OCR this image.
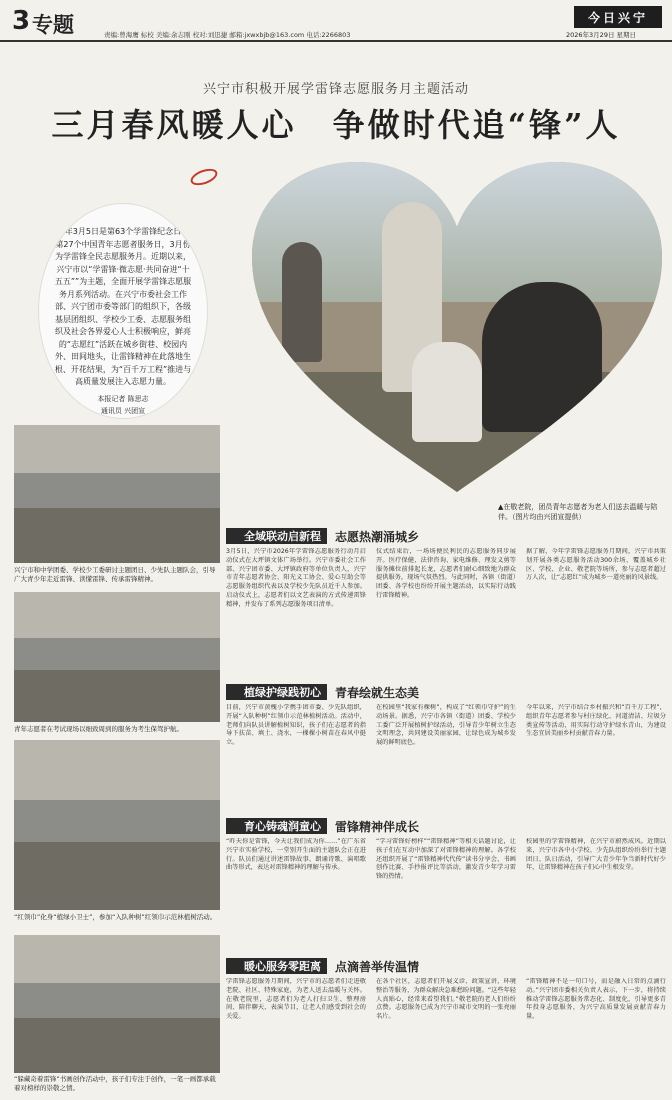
3 专题	责编:曾海鹰 标校 美编:余志刚 校对:刘迅捷 邮箱:jxwxbjb@163.com 电话:2266803
今日兴宁
2026年3月29日 星期日
兴宁市积极开展学雷锋志愿服务月主题活动
三月春风暖人心 争做时代追“锋”人
今年3月5日是第63个学雷锋纪念日、第27个中国青年志愿者服务日，3月份为学雷锋全民志愿服务月。近期以来，兴宁市以“学雷锋·微志愿·共同奋进“十五五””为主题，全面开展学雷锋志愿服务月系列活动。在兴宁市委社会工作部、兴宁团市委等部门的组织下，各级基层团组织、学校少工委、志愿服务组织及社会各界爱心人士积极响应，鲜亮的“志愿红”活跃在城乡街巷、校园内外、田间地头，让雷锋精神在此落地生根、开花结果，为“百千万工程”推进与高质量发展注入志愿力量。
本报记者 陈思志
通讯员 兴团宣
▲在敬老院，团员青年志愿者为老人们送去温暖与陪伴。（图片均由兴团宣提供）
兴宁市和中学团委、学校少工委研讨主题团日、少先队主题队会，引导广大青少年走近雷锋、读懂雷锋、传承雷锋精神。
青年志愿者在考试现场以细致周到的服务为考生保驾护航。
“红领巾”化身“植绿小卫士”，参加“入队种树”红领巾示范林植树活动。
“躲藏奇着雷锋”书画创作活动中，孩子们专注于创作，一笔一画都承载着对榜样的崇敬之情。
全域联动启新程	志愿热潮涌城乡

3月5日，兴宁市2026年学雷锋志愿服务行动月启动仪式在大坪镇文体广场举行。兴宁市委社会工作部、兴宁团市委、大坪镇政府等单位负责人，兴宁市青年志愿者协会、阳光义工协会、爱心互助会等志愿服务组织代表以及学校少先队员近千人参加。启动仪式上，志愿者们以文艺表演的方式传递雷锋精神，并发布了系列志愿服务项目清单。

仪式结束后，一场场便民利民的志愿服务同步展开。医疗保健、法律咨询、家电维修、理发义剪等服务摊位前排起长龙，志愿者们耐心细致地为群众提供服务，现场气氛热烈。与此同时，各镇（街道）团委、各学校也纷纷开展主题活动，以实际行动践行雷锋精神。

据了解，今年学雷锋志愿服务月期间，兴宁市共策划开展各类志愿服务活动300余场，覆盖城乡社区、学校、企业、敬老院等场所，参与志愿者超过万人次，让“志愿红”成为城乡一道亮丽的风景线。

植绿护绿践初心	青春绘就生态美

目前，兴宁市黄槐小学携手团市委、少先队组织，开展“入队种树”红领巾示范林植树活动。活动中，老师们向队员讲解植树知识，孩子们在志愿者的指导下扶苗、填土、浇水，一棵棵小树苗在春风中挺立。

在校园里“我家有棵树”，构成了“红领巾守护”的生动场景。据悉，兴宁市各镇（街道）团委、学校少工委广泛开展植树护绿活动，引导青少年树立生态文明理念，共同建设美丽家园，让绿色成为城乡发展的鲜明底色。

今年以来，兴宁市结合乡村振兴和“百千万工程”，组织青年志愿者参与村庄绿化、河道清洁、垃圾分类宣传等活动，用实际行动守护绿水青山，为建设生态宜居美丽乡村贡献青春力量。

育心铸魂润童心	雷锋精神伴成长

“昨天你是雷锋，今天让我们成为你……”在广东省兴宁市实验学校，一堂别开生面的主题队会正在进行。队员们通过讲述雷锋故事、朗诵诗歌、演唱歌曲等形式，表达对雷锋精神的理解与传承。

“学习雷锋好榜样”“雷锋精神”等相关话题讨论，让孩子们在互动中加深了对雷锋精神的理解。各学校还组织开展了“雷锋精神代代传”读书分享会、书画创作比赛、手抄报评比等活动，激发青少年学习雷锋的热情。

校园里的学雷锋精神，在兴宁市蔚然成风。近期以来，兴宁市各中小学校、少先队组织纷纷举行主题团日、队日活动，引导广大青少年争当新时代好少年，让雷锋精神在孩子们心中生根发芽。

暖心服务零距离	点滴善举传温情

学雷锋志愿服务月期间，兴宁市的志愿者们走进敬老院、社区、特殊家庭，为老人送去温暖与关怀。在敬老院里，志愿者们为老人打扫卫生、整理房间、陪伴聊天、表演节目，让老人们感受到社会的关爱。

在各个社区，志愿者们开展义诊、政策宣讲、环境整治等服务，为群众解决急难愁盼问题。“这些年轻人真贴心，经常来看望我们。”敬老院的老人们纷纷点赞。志愿服务已成为兴宁市城市文明的一张亮丽名片。

“雷锋精神不是一句口号，而是融入日常的点滴行动。”兴宁团市委相关负责人表示，下一步，将持续推动学雷锋志愿服务常态化、制度化，引导更多青年投身志愿服务，为兴宁高质量发展贡献青春力量。
